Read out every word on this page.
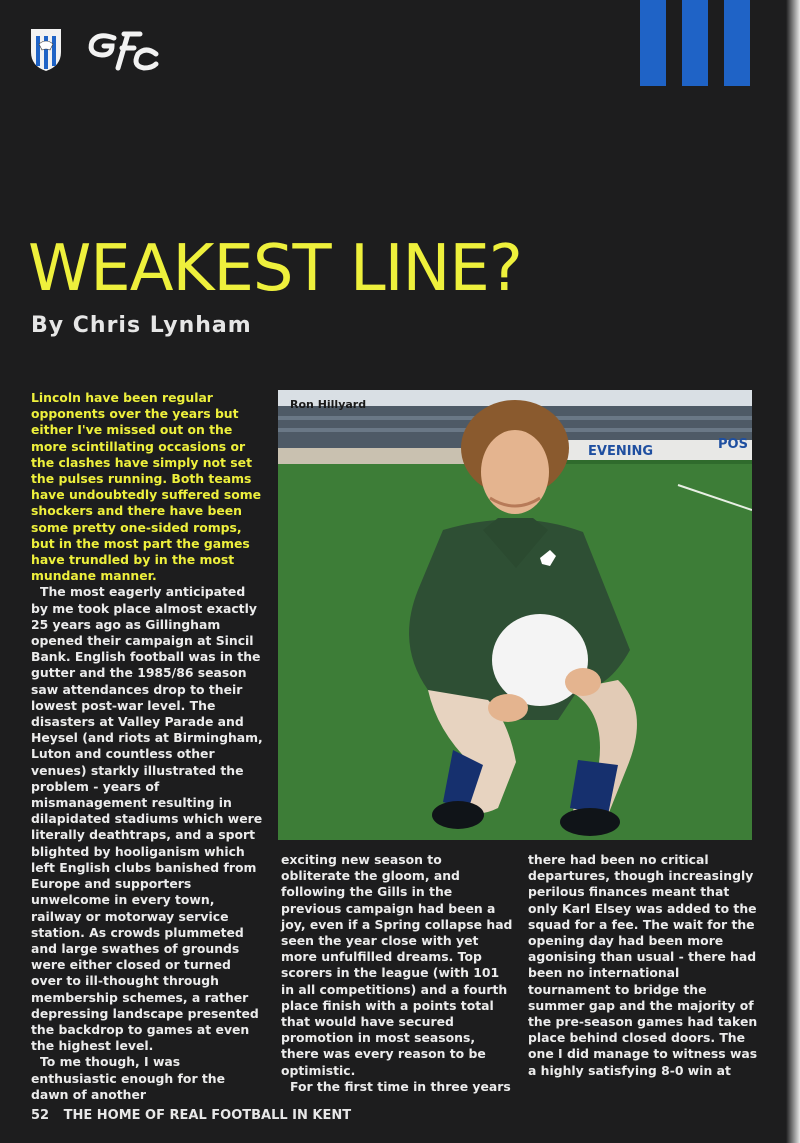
WEAKEST LINE?
By Chris Lynham

Lincoln have been regular opponents over the years but either I've missed out on the more scintillating occasions or the clashes have simply not set the pulses running. Both teams have undoubtedly suffered some shockers and there have been some pretty one-sided romps, but in the most part the games have trundled by in the most mundane manner.

The most eagerly anticipated by me took place almost exactly 25 years ago as Gillingham opened their campaign at Sincil Bank. English football was in the gutter and the 1985/86 season saw attendances drop to their lowest post-war level. The disasters at Valley Parade and Heysel (and riots at Birmingham, Luton and countless other venues) starkly illustrated the problem - years of mismanagement resulting in dilapidated stadiums which were literally deathtraps, and a sport blighted by hooliganism which left English clubs banished from Europe and supporters unwelcome in every town, railway or motorway service station. As crowds plummeted and large swathes of grounds were either closed or turned over to ill-thought through membership schemes, a rather depressing landscape presented the backdrop to games at even the highest level.

To me though, I was enthusiastic enough for the dawn of another

EVENING	POS
Ron Hillyard

exciting new season to obliterate the gloom, and following the Gills in the previous campaign had been a joy, even if a Spring collapse had seen the year close with yet more unfulfilled dreams. Top scorers in the league (with 101 in all competitions) and a fourth place finish with a points total that would have secured promotion in most seasons, there was every reason to be optimistic.

For the first time in three years

there had been no critical departures, though increasingly perilous finances meant that only Karl Elsey was added to the squad for a fee. The wait for the opening day had been more agonising than usual - there had been no international tournament to bridge the summer gap and the majority of the pre-season games had taken place behind closed doors. The one I did manage to witness was a highly satisfying 8-0 win at

52 THE HOME OF REAL FOOTBALL IN KENT
